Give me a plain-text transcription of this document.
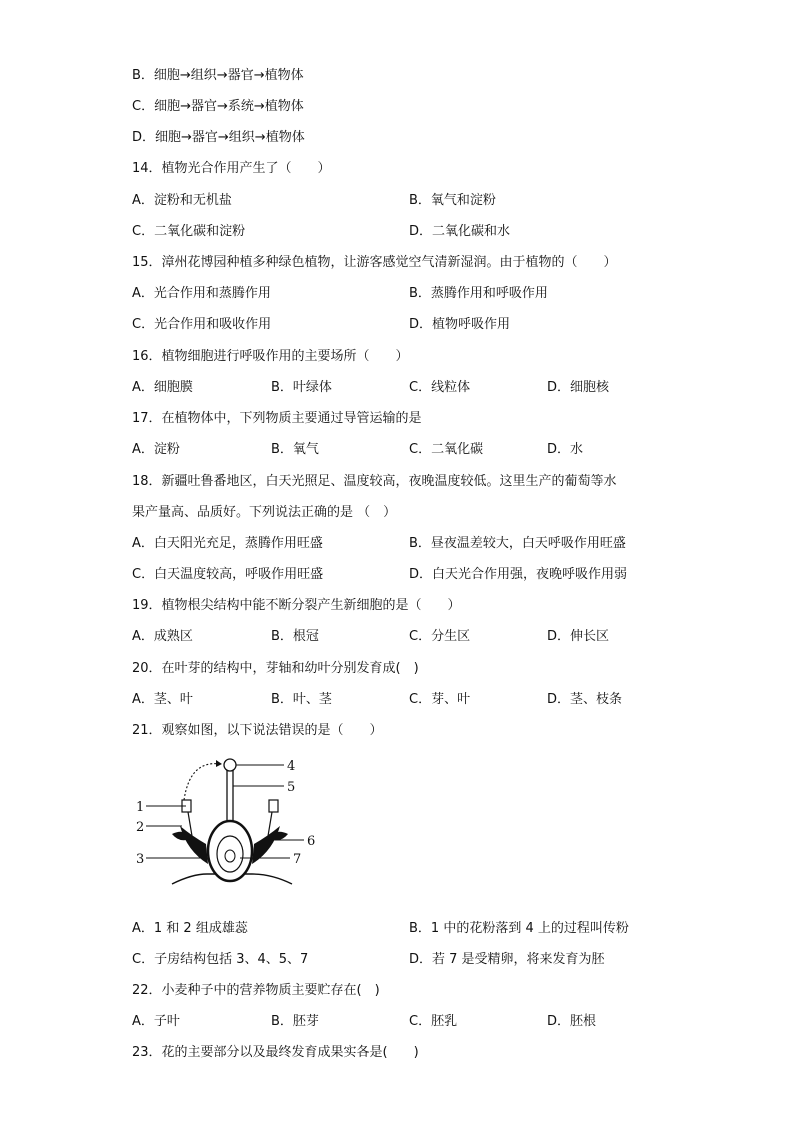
B．细胞→组织→器官→植物体
C．细胞→器官→系统→植物体
D．细胞→器官→组织→植物体
14．植物光合作用产生了（　　）
A．淀粉和无机盐	B．氧气和淀粉
C．二氧化碳和淀粉	D．二氧化碳和水
15．漳州花博园种植多种绿色植物，让游客感觉空气清新湿润。由于植物的（　　）
A．光合作用和蒸腾作用	B．蒸腾作用和呼吸作用
C．光合作用和吸收作用	D．植物呼吸作用
16．植物细胞进行呼吸作用的主要场所（　　）
A．细胞膜	B．叶绿体	C．线粒体	D．细胞核
17．在植物体中，下列物质主要通过导管运输的是
A．淀粉	B．氧气	C．二氧化碳	D．水
18．新疆吐鲁番地区，白天光照足、温度较高，夜晚温度较低。这里生产的葡萄等水
果产量高、品质好。下列说法正确的是 （　）
A．白天阳光充足，蒸腾作用旺盛	B．昼夜温差较大，白天呼吸作用旺盛
C．白天温度较高，呼吸作用旺盛	D．白天光合作用强，夜晚呼吸作用弱
19．植物根尖结构中能不断分裂产生新细胞的是（　　）
A．成熟区	B．根冠	C．分生区	D．伸长区
20．在叶芽的结构中，芽轴和幼叶分别发育成(　)
A．茎、叶	B．叶、茎	C．芽、叶	D．茎、枝条
21．观察如图，以下说法错误的是（　　）
1
2
3
4
5
6
7
A．1 和 2 组成雄蕊	B．1 中的花粉落到 4 上的过程叫传粉
C．子房结构包括 3、4、5、7	D．若 7 是受精卵，将来发育为胚
22．小麦种子中的营养物质主要贮存在(　)
A．子叶	B．胚芽	C．胚乳	D．胚根
23．花的主要部分以及最终发育成果实各是(　　)
